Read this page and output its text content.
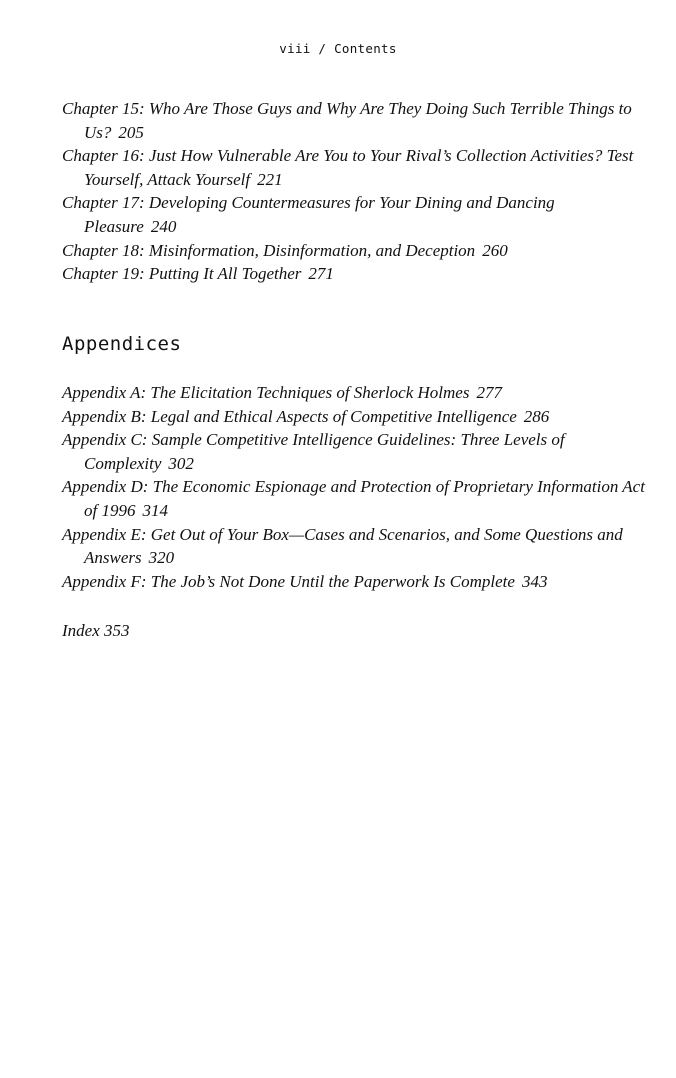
viii / Contents
Chapter 15: Who Are Those Guys and Why Are They Doing Such Terrible Things to Us? 205
Chapter 16: Just How Vulnerable Are You to Your Rival’s Collection Activities? Test Yourself, Attack Yourself 221
Chapter 17: Developing Countermeasures for Your Dining and Dancing Pleasure 240
Chapter 18: Misinformation, Disinformation, and Deception 260
Chapter 19: Putting It All Together 271
Appendices
Appendix A: The Elicitation Techniques of Sherlock Holmes 277
Appendix B: Legal and Ethical Aspects of Competitive Intelligence 286
Appendix C: Sample Competitive Intelligence Guidelines: Three Levels of Complexity 302
Appendix D: The Economic Espionage and Protection of Proprietary Information Act of 1996 314
Appendix E: Get Out of Your Box—Cases and Scenarios, and Some Questions and Answers 320
Appendix F: The Job’s Not Done Until the Paperwork Is Complete 343
Index 353
